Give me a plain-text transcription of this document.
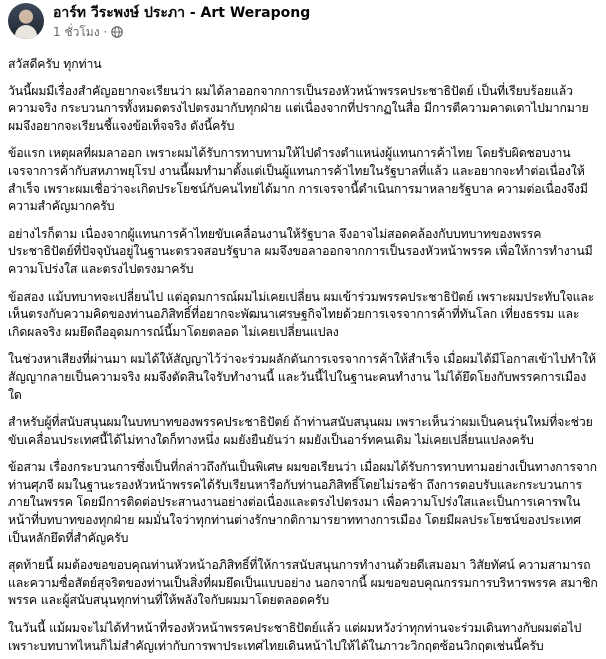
อาร์ท วีระพงษ์ ประภา - Art Werapong
1 ชั่วโมง ·

สวัสดีครับ ทุกท่าน

วันนี้ผมมีเรื่องสำคัญอยากจะเรียนว่า ผมได้ลาออกจากการเป็นรองหัวหน้าพรรคประชาธิปัตย์ เป็นที่เรียบร้อยแล้ว ความจริง กระบวนการทั้งหมดตรงไปตรงมากับทุกฝ่าย แต่เนื่องจากที่ปรากฏในสื่อ มีการตีความคาดเดาไปมากมาย ผมจึงอยากจะเรียนชี้แจงข้อเท็จจริง ดังนี้ครับ

ข้อแรก เหตุผลที่ผมลาออก เพราะผมได้รับการทาบทามให้ไปดำรงตำแหน่งผู้แทนการค้าไทย โดยรับผิดชอบงานเจรจาการค้ากับสหภาพยุโรป งานนี้ผมทำมาตั้งแต่เป็นผู้แทนการค้าไทยในรัฐบาลที่แล้ว และอยากจะทำต่อเนื่องให้สำเร็จ เพราะผมเชื่อว่าจะเกิดประโยชน์กับคนไทยได้มาก การเจรจานี้ดำเนินการมาหลายรัฐบาล ความต่อเนื่องจึงมีความสำคัญมากครับ

อย่างไรก็ตาม เนื่องจากผู้แทนการค้าไทยขับเคลื่อนงานให้รัฐบาล จึงอาจไม่สอดคล้องกับบทบาทของพรรคประชาธิปัตย์ที่ปัจจุบันอยู่ในฐานะตรวจสอบรัฐบาล ผมจึงขอลาออกจากการเป็นรองหัวหน้าพรรค เพื่อให้การทำงานมีความโปร่งใส และตรงไปตรงมาครับ

ข้อสอง แม้บทบาทจะเปลี่ยนไป แต่อุดมการณ์ผมไม่เคยเปลี่ยน ผมเข้าร่วมพรรคประชาธิปัตย์ เพราะผมประทับใจและเห็นตรงกับความคิดของท่านอภิสิทธิ์ที่อยากจะพัฒนาเศรษฐกิจไทยด้วยการเจรจาการค้าที่ทันโลก เที่ยงธรรม และเกิดผลจริง ผมยึดถืออุดมการณ์นี้มาโดยตลอด ไม่เคยเปลี่ยนแปลง

ในช่วงหาเสียงที่ผ่านมา ผมได้ให้สัญญาไว้ว่าจะร่วมผลักดันการเจรจาการค้าให้สำเร็จ เมื่อผมได้มีโอกาสเข้าไปทำให้สัญญากลายเป็นความจริง ผมจึงตัดสินใจรับทำงานนี้ และวันนี้ไปในฐานะคนทำงาน ไม่ได้ยึดโยงกับพรรคการเมืองใด

สำหรับผู้ที่สนับสนุนผมในบทบาทของพรรคประชาธิปัตย์ ถ้าท่านสนับสนุนผม เพราะเห็นว่าผมเป็นคนรุ่นใหม่ที่จะช่วยขับเคลื่อนประเทศนี้ได้ไม่ทางใดก็ทางหนึ่ง ผมยังยืนยันว่า ผมยังเป็นอาร์ทคนเดิม ไม่เคยเปลี่ยนแปลงครับ

ข้อสาม เรื่องกระบวนการซึ่งเป็นที่กล่าวถึงกันเป็นพิเศษ ผมขอเรียนว่า เมื่อผมได้รับการทาบทามอย่างเป็นทางการจากท่านศุภจี ผมในฐานะรองหัวหน้าพรรคได้รับเรียนหารือกับท่านอภิสิทธิ์โดยไม่รอช้า ถึงการตอบรับและกระบวนการภายในพรรค โดยมีการติดต่อประสานงานอย่างต่อเนื่องและตรงไปตรงมา เพื่อความโปร่งใสและเป็นการเคารพในหน้าที่บทบาทของทุกฝ่าย ผมมั่นใจว่าทุกท่านต่างรักษากติกามารยาททางการเมือง โดยมีผลประโยชน์ของประเทศเป็นหลักยึดที่สำคัญครับ

สุดท้ายนี้ ผมต้องขอขอบคุณท่านหัวหน้าอภิสิทธิ์ที่ให้การสนับสนุนการทำงานด้วยดีเสมอมา วิสัยทัศน์ ความสามารถ และความซื่อสัตย์สุจริตของท่านเป็นสิ่งที่ผมยึดเป็นแบบอย่าง นอกจากนี้ ผมขอขอบคุณกรรมการบริหารพรรค สมาชิกพรรค และผู้สนับสนุนทุกท่านที่ให้พลังใจกับผมมาโดยตลอดครับ

ในวันนี้ แม้ผมจะไม่ได้ทำหน้าที่รองหัวหน้าพรรคประชาธิปัตย์แล้ว แต่ผมหวังว่าทุกท่านจะร่วมเดินทางกับผมต่อไป เพราะบทบาทไหนก็ไม่สำคัญเท่ากับการพาประเทศไทยเดินหน้าไปให้ได้ในภาวะวิกฤตซ้อนวิกฤตเช่นนี้ครับ
